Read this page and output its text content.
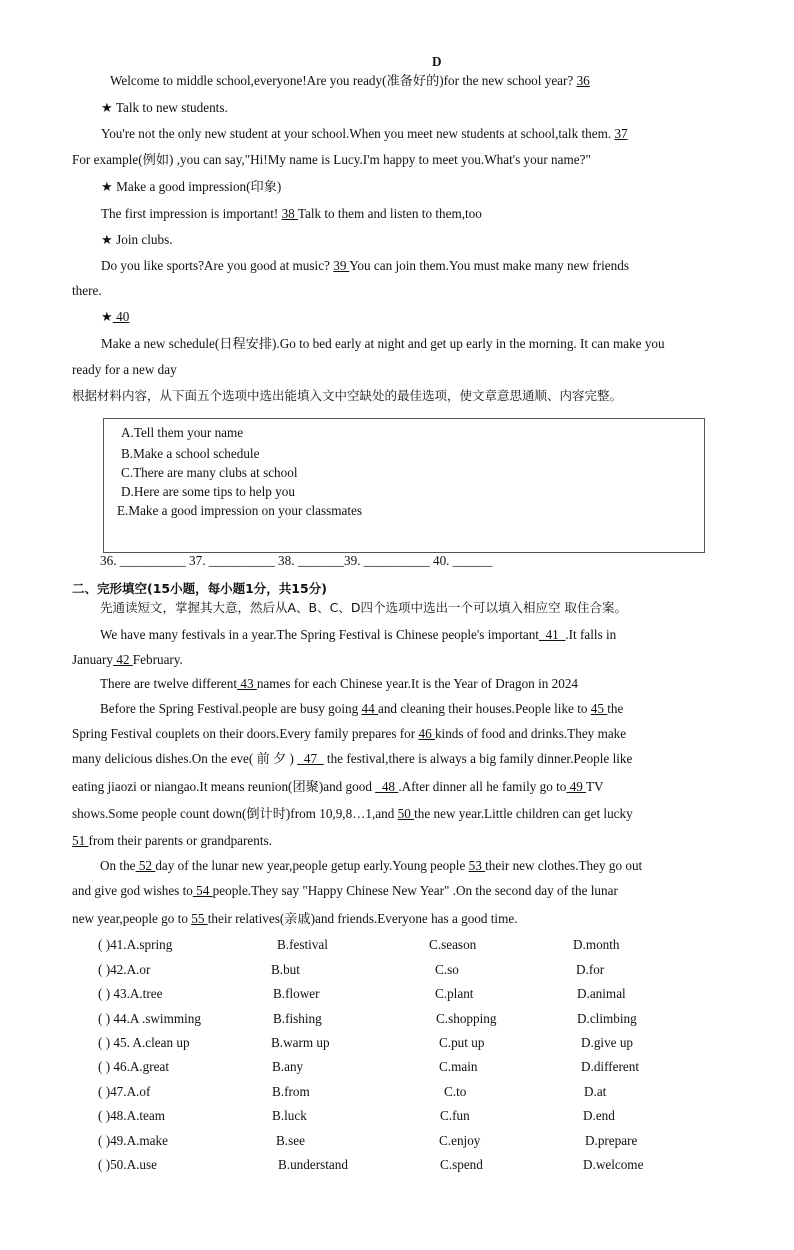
D
Welcome to middle school,everyone!Are you ready(准备好的)for the new school year? 36
★ Talk to new students.
You're not the only new student at your school.When you meet new students at school,talk them. 37
For example(例如) ,you can say,"Hi!My name is Lucy.I'm happy to meet you.What's your name?"
★ Make a good impression(印象)
The first impression is important! 38 Talk to them and listen to them,too
★ Join clubs.
Do you like sports?Are you good at music? 39 You can join them.You must make many new friends
there.
★ 40
Make a new schedule(日程安排).Go to bed early at night and get up early in the morning. It can make you
ready for a new day
根据材料内容，从下面五个选项中选出能填入文中空缺处的最佳选项，使文章意思通顺、内容完整。
A.Tell them your name
B.Make a school schedule
C.There are many clubs at school
D.Here are some tips to help you
E.Make a good impression on your classmates
36. __________ 37. __________ 38. _______39. __________ 40. ______
二、完形填空(15小题，每小题1分，共15分)
先通读短文，掌握其大意，然后从A、B、C、D四个选项中选出一个可以填入相应空 取住合案。
We have many festivals in a year.The Spring Festival is Chinese people's important_41_.It falls in
January 42 February.
There are twelve different 43 names for each Chinese year.It is the Year of Dragon in 2024
Before the Spring Festival.people are busy going 44 and cleaning their houses.People like to 45 the
Spring Festival couplets on their doors.Every family prepares for 46 kinds of food and drinks.They make
many delicious dishes.On the eve( 前 夕 ) _47_ the festival,there is always a big family dinner.People like
eating jiaozi or niangao.It means reunion(团聚)and good _48 .After dinner all he family go to 49 TV
shows.Some people count down(倒计时)from 10,9,8…1,and 50 the new year.Little children can get lucky
51 from their parents or grandparents.
On the 52 day of the lunar new year,people getup early.Young people 53 their new clothes.They go out
and give god wishes to 54 people.They say "Happy Chinese New Year" .On the second day of the lunar
new year,people go to 55 their relatives(亲戚)and friends.Everyone has a good time.
( )41.A.spring	B.festival	C.season	D.month
( )42.A.or	B.but	C.so	D.for
( ) 43.A.tree	B.flower	C.plant	D.animal
( ) 44.A .swimming	B.fishing	C.shopping	D.climbing
( ) 45. A.clean up	B.warm up	C.put up	D.give up
( ) 46.A.great	B.any	C.main	D.different
( )47.A.of	B.from	C.to	D.at
( )48.A.team	B.luck	C.fun	D.end
( )49.A.make	B.see	C.enjoy	D.prepare
( )50.A.use	B.understand	C.spend	D.welcome
